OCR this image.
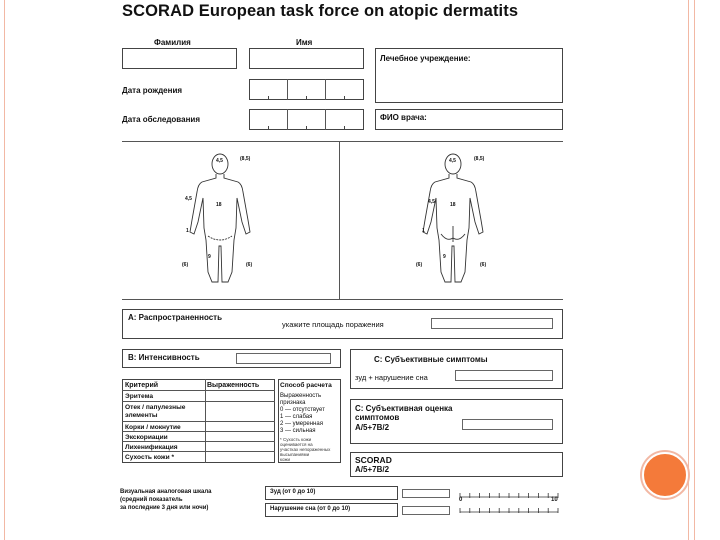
SCORAD European task force on atopic dermatits
Фамилия	Имя
Лечебное учреждение:
Дата рождения
Дата обследования	ФИО врача:
4,5	(8,5)
4,5
18
1
9
(6)	(6)
4,5	(8,5)
4,5	18
1
9
(6)	(6)
A: Распространенность
укажите площадь поражения
B: Интенсивность
Критерий	Выраженность
Эритема
Отек / папулезные
элементы
Корки / мокнутие
Экскориации
Лихенификация
Сухость кожи *
Способ расчета
Выраженность
признака
0 — отсутствует
1 — слабая
2 — умеренная
3 — сильная
* Сухость кожи
оценивается на
участках непораженных
высыпаниями
кожи
C: Субъективные симптомы
зуд + нарушение сна
C: Субъективная оценка
симптомов
A/5+7B/2
SCORAD
A/5+7B/2
Визуальная аналоговая шкала
(средний показатель
за последние 3 дня или ночи)
Зуд (от 0 до 10)
Нарушение сна (от 0 до 10)
0	10
